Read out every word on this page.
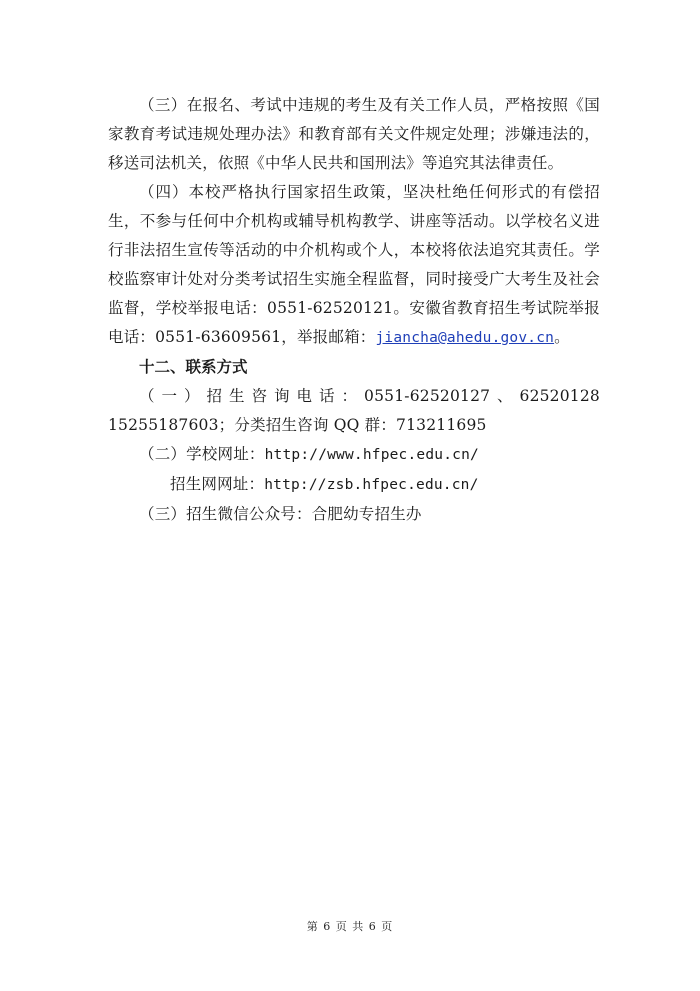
（三）在报名、考试中违规的考生及有关工作人员，严格按照《国家教育考试违规处理办法》和教育部有关文件规定处理；涉嫌违法的，移送司法机关，依照《中华人民共和国刑法》等追究其法律责任。

（四）本校严格执行国家招生政策，坚决杜绝任何形式的有偿招生，不参与任何中介机构或辅导机构教学、讲座等活动。以学校名义进行非法招生宣传等活动的中介机构或个人，本校将依法追究其责任。学校监察审计处对分类考试招生实施全程监督，同时接受广大考生及社会监督，学校举报电话：0551-62520121。安徽省教育招生考试院举报电话：0551-63609561，举报邮箱：jiancha@ahedu.gov.cn。

十二、联系方式

（一）招生咨询电话：0551-62520127、62520128 15255187603；分类招生咨询 QQ 群：713211695

（二）学校网址：http://www.hfpec.edu.cn/

招生网网址：http://zsb.hfpec.edu.cn/

（三）招生微信公众号：合肥幼专招生办

第 6 页 共 6 页
